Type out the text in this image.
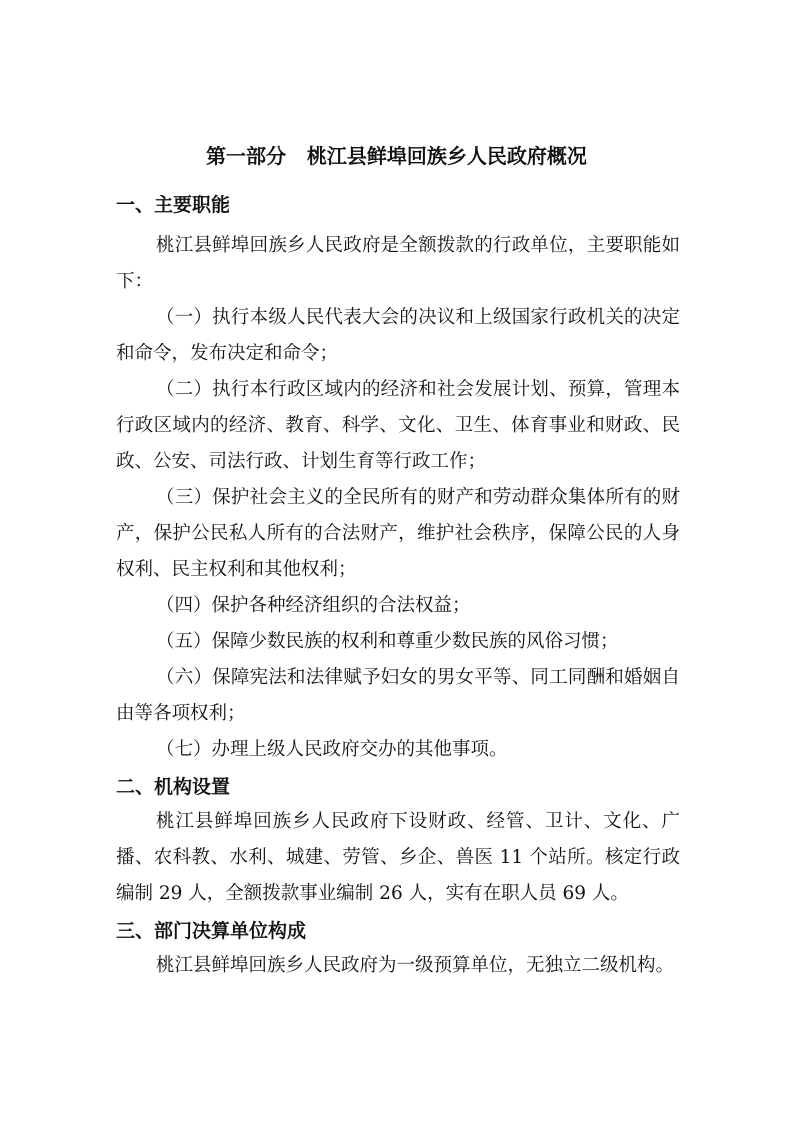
第一部分   桃江县鲜埠回族乡人民政府概况
一、主要职能
桃江县鲜埠回族乡人民政府是全额拨款的行政单位，主要职能如下：
（一）执行本级人民代表大会的决议和上级国家行政机关的决定和命令，发布决定和命令；
（二）执行本行政区域内的经济和社会发展计划、预算，管理本行政区域内的经济、教育、科学、文化、卫生、体育事业和财政、民政、公安、司法行政、计划生育等行政工作；
（三）保护社会主义的全民所有的财产和劳动群众集体所有的财产，保护公民私人所有的合法财产，维护社会秩序，保障公民的人身权利、民主权利和其他权利；
（四）保护各种经济组织的合法权益；
（五）保障少数民族的权利和尊重少数民族的风俗习惯；
（六）保障宪法和法律赋予妇女的男女平等、同工同酬和婚姻自由等各项权利；
（七）办理上级人民政府交办的其他事项。
二、机构设置
桃江县鲜埠回族乡人民政府下设财政、经管、卫计、文化、广播、农科教、水利、城建、劳管、乡企、兽医 11 个站所。核定行政编制 29 人，全额拨款事业编制 26 人，实有在职人员 69 人。
三、部门决算单位构成
桃江县鲜埠回族乡人民政府为一级预算单位，无独立二级机构。
